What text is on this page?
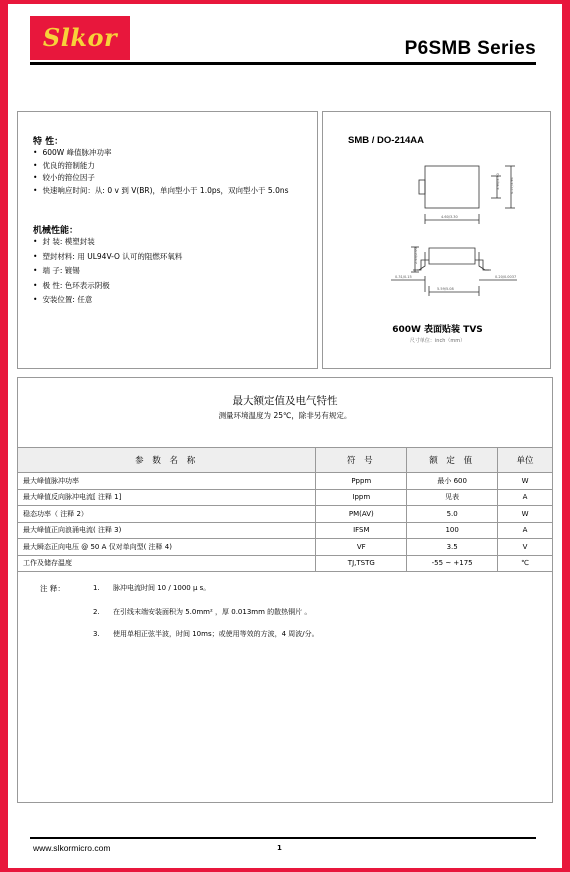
Slkor	P6SMB Series
特 性：
• 600W 峰值脉冲功率
• 优良的箝制能力
• 较小的箝位因子
• 快速响应时间：从: 0 v 到 V(BR)，单向型小于 1.0ps，双向型小于 5.0ns
机械性能：
• 封 装: 模塑封装
• 塑封材料: 用 UL94V-O 认可的阻燃环氧料
• 端 子: 镀锡
• 极 性: 色环表示阴极
• 安装位置: 任意
SMB / DO-214AA
4.60/3.30
3.94/3.30	4.57/3.94
5.59/5.08
0.31/0.15	0.20/0.0037
2.44/2.00
600W 表面贴装 TVS
尺寸单位：inch（mm）
最大额定值及电气特性
测量环境温度为 25℃，除非另有规定。
参 数 名 称	符 号	额 定 值	单位
最大峰值脉冲功率	Pppm	最小 600	W
最大峰值反向脉冲电流[ 注释 1]	Ippm	见表	A
稳态功率（ 注释 2）	PM(AV)	5.0	W
最大峰值正向浪涌电流( 注释 3)	IFSM	100	A
最大瞬态正向电压 @ 50 A 仅对单向型( 注释 4)	VF	3.5	V
工作及储存温度	TJ,TSTG	-55 ~ +175	℃
注 释：	1. 脉冲电流时间 10 / 1000 μ s。
2. 在引线末端安装面积为 5.0mm² ，厚 0.013mm 的散热铜片 。
3. 使用单相正弦半波，时间 10ms；或使用等效的方波，4 周波/分。
www.slkormicro.com	1
